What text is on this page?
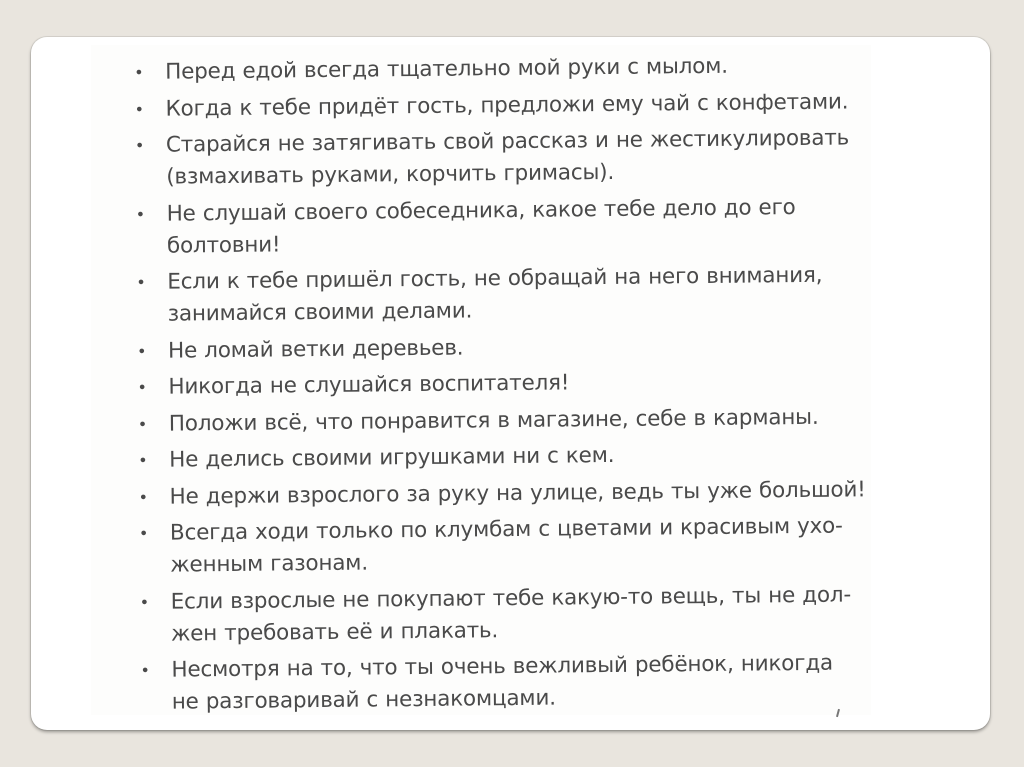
• Перед едой всегда тщательно мой руки с мылом.
• Когда к тебе придёт гость, предложи ему чай с конфетами.
• Старайся не затягивать свой рассказ и не жестикулировать
(взмахивать руками, корчить гримасы).
• Не слушай своего собеседника, какое тебе дело до его
болтовни!
• Если к тебе пришёл гость, не обращай на него внимания,
занимайся своими делами.
• Не ломай ветки деревьев.
• Никогда не слушайся воспитателя!
• Положи всё, что понравится в магазине, себе в карманы.
• Не делись своими игрушками ни с кем.
• Не держи взрослого за руку на улице, ведь ты уже большой!
• Всегда ходи только по клумбам с цветами и красивым ухо-
женным газонам.
• Если взрослые не покупают тебе какую-то вещь, ты не дол-
жен требовать её и плакать.
• Несмотря на то, что ты очень вежливый ребёнок, никогда
не разговаривай с незнакомцами.
